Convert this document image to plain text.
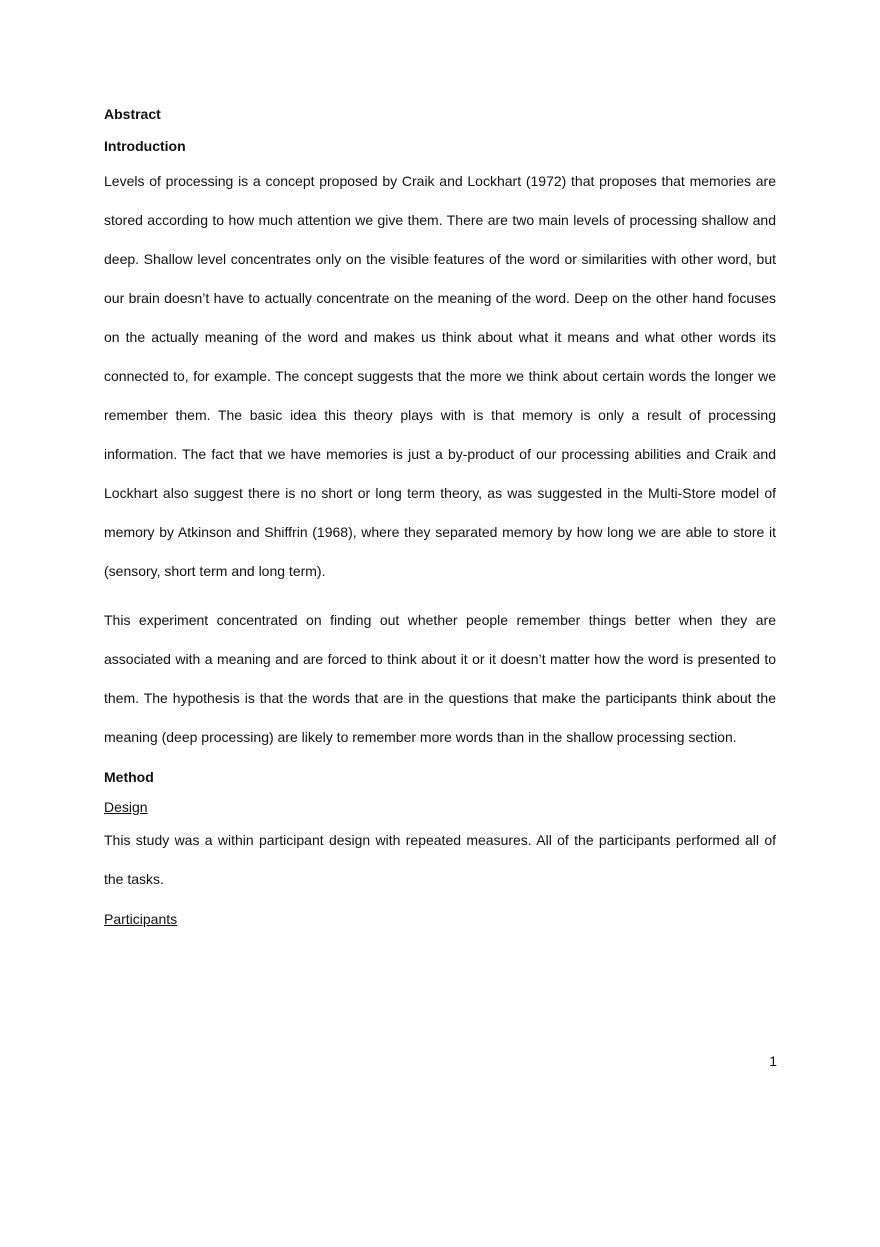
Abstract

Introduction

Levels of processing is a concept proposed by Craik and Lockhart (1972) that proposes that memories are stored according to how much attention we give them. There are two main levels of processing shallow and deep. Shallow level concentrates only on the visible features of the word or similarities with other word, but our brain doesn’t have to actually concentrate on the meaning of the word. Deep on the other hand focuses on the actually meaning of the word and makes us think about what it means and what other words its connected to, for example. The concept suggests that the more we think about certain words the longer we remember them. The basic idea this theory plays with is that memory is only a result of processing information. The fact that we have memories is just a by-product of our processing abilities and Craik and Lockhart also suggest there is no short or long term theory, as was suggested in the Multi-Store model of memory by Atkinson and Shiffrin (1968), where they separated memory by how long we are able to store it (sensory, short term and long term).

This experiment concentrated on finding out whether people remember things better when they are associated with a meaning and are forced to think about it or it doesn’t matter how the word is presented to them. The hypothesis is that the words that are in the questions that make the participants think about the meaning (deep processing) are likely to remember more words than in the shallow processing section.

Method

Design

This study was a within participant design with repeated measures. All of the participants performed all of the tasks.

Participants

1
